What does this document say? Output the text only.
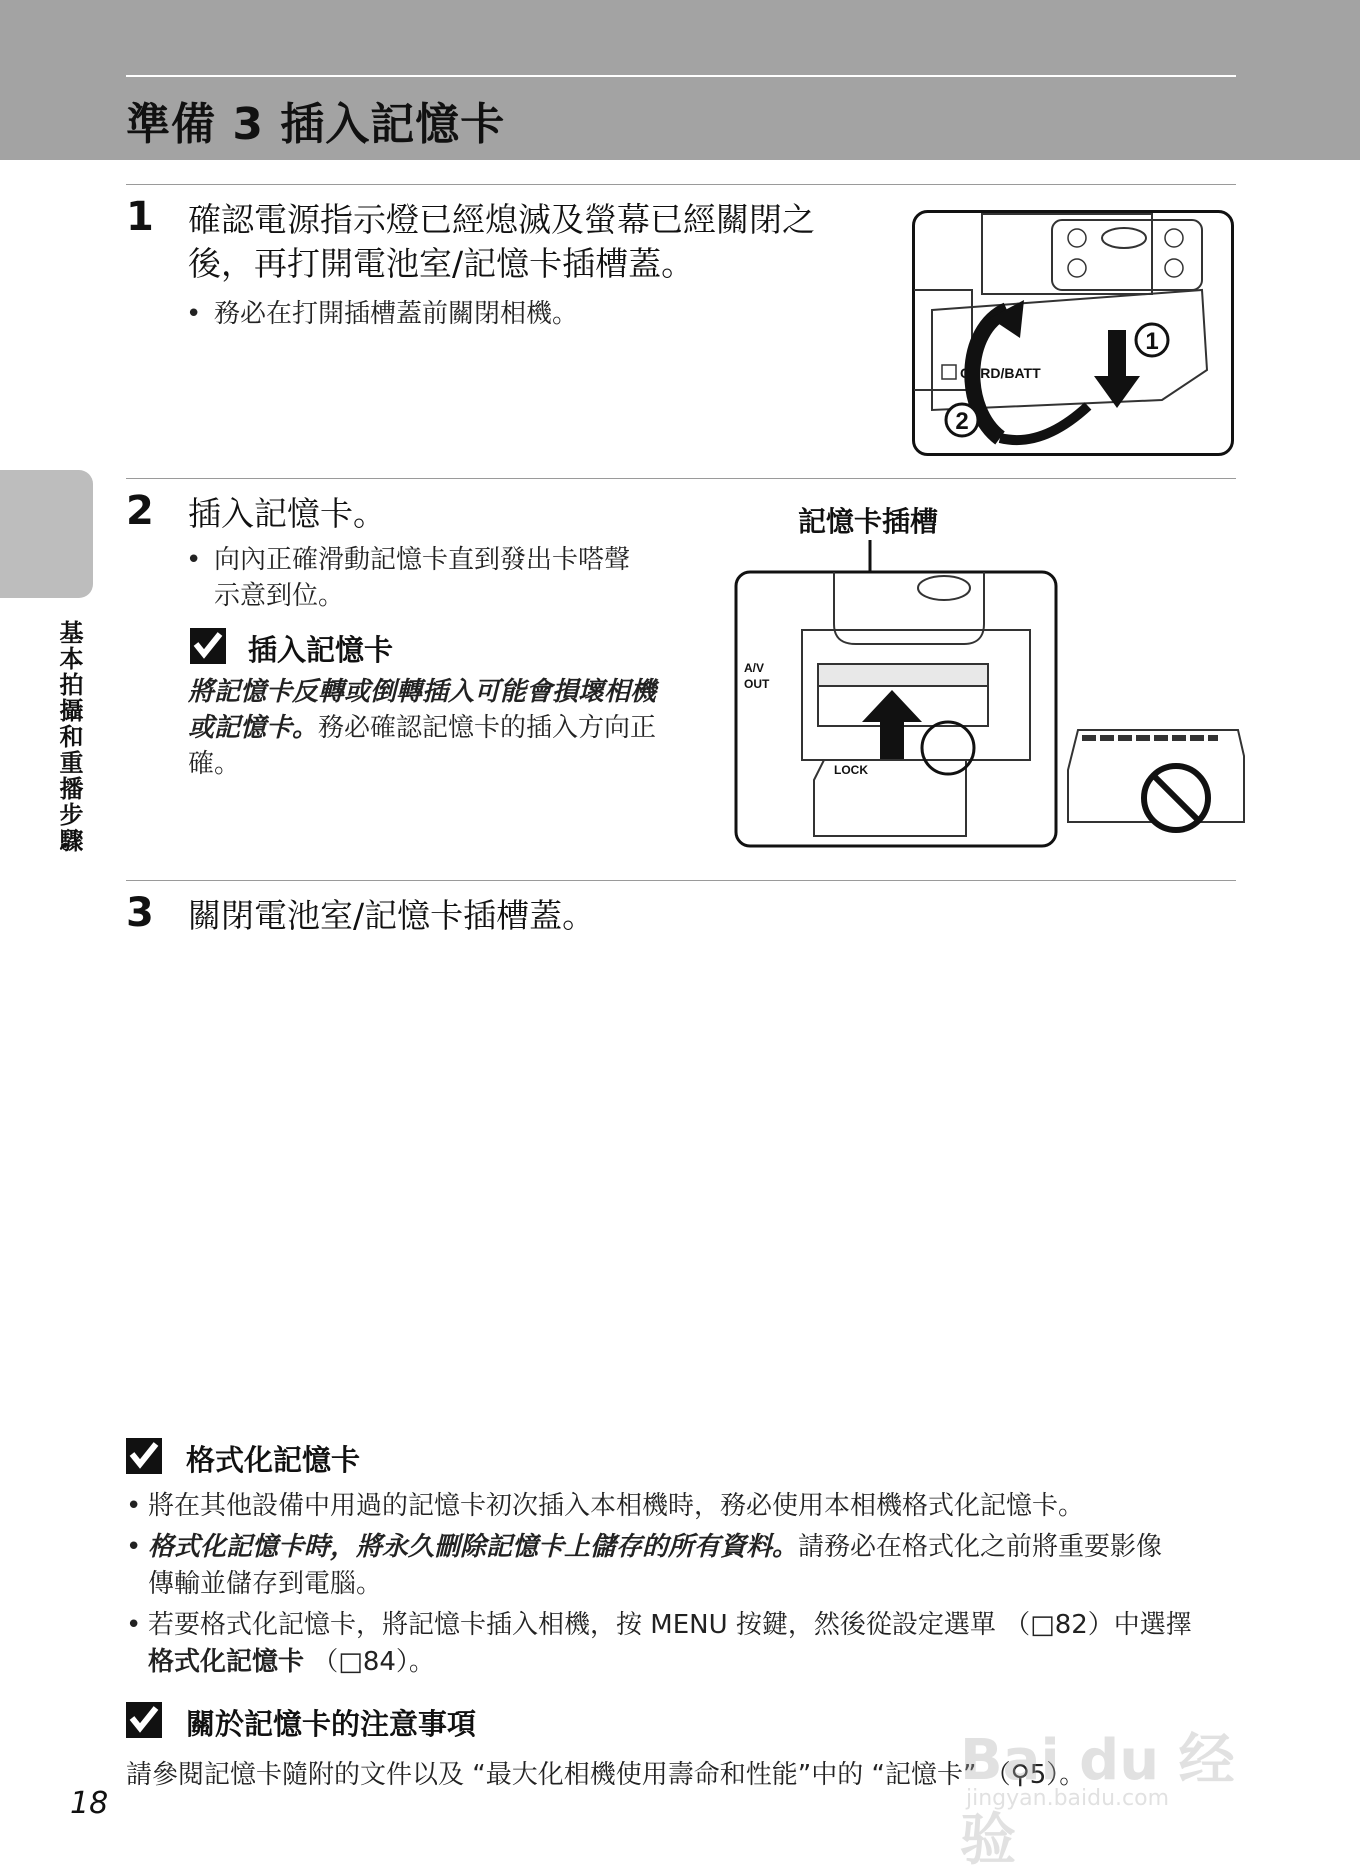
準備 3 插入記憶卡
基本拍攝和重播步驟
1 確認電源指示燈已經熄滅及螢幕已經關閉之
後，再打開電池室/記憶卡插槽蓋。
• 務必在打開插槽蓋前關閉相機。
CARD/BATT
1
2
2 插入記憶卡。
• 向內正確滑動記憶卡直到發出卡嗒聲
示意到位。
插入記憶卡
將記憶卡反轉或倒轉插入可能會損壞相機
或記憶卡。務必確認記憶卡的插入方向正
確。
記憶卡插槽
A/V
OUT
LOCK
3 關閉電池室/記憶卡插槽蓋。
格式化記憶卡
• 將在其他設備中用過的記憶卡初次插入本相機時，務必使用本相機格式化記憶卡。
• 格式化記憶卡時，將永久刪除記憶卡上儲存的所有資料。請務必在格式化之前將重要影像
傳輸並儲存到電腦。
• 若要格式化記憶卡，將記憶卡插入相機，按 MENU 按鍵，然後從設定選單 （□82）中選擇
格式化記憶卡 （□84）。
關於記憶卡的注意事項
請參閱記憶卡隨附的文件以及 “最大化相機使用壽命和性能”中的 “記憶卡” （⚲5）。
18
Bai du 经验
jingyan.baidu.com
